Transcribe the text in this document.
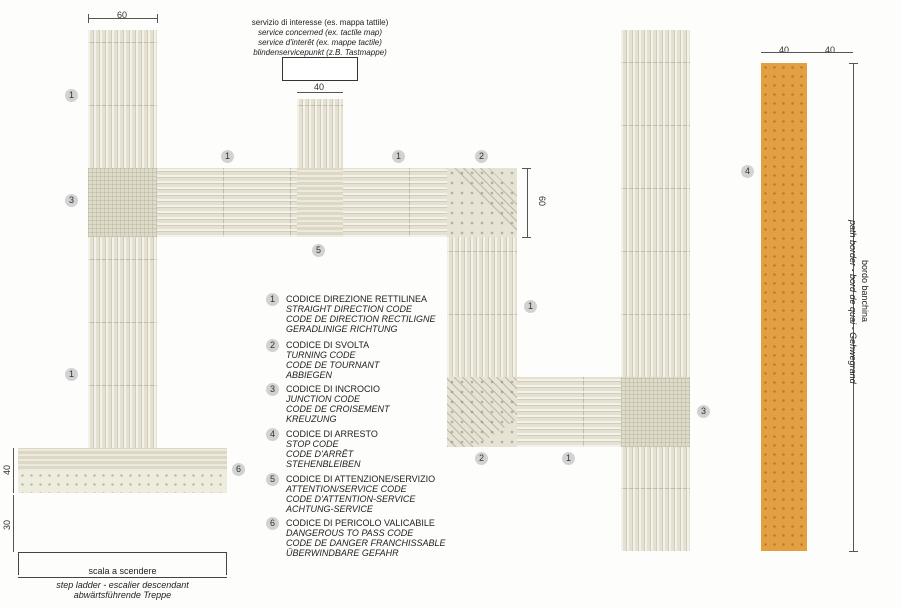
60
60
40
30
scala a scendere
step ladder - escalier descendant
abwärtsführende Treppe
servizio di interesse (es. mappa tattile)
service concerned (ex. tactile map)
service d'interêt (ex. mappe tactile)
blindenservicepunkt (z.B. Tastmappe)
40
40	40
bordo banchina
path border - bord de quai - Gehwegrand
1
3
1
1	1	2
5
1
2	1
3
4
6
1	CODICE DIREZIONE RETTILINEA
STRAIGHT DIRECTION CODE
CODE DE DIRECTION RECTILIGNE
GERADLINIGE RICHTUNG
2	CODICE DI SVOLTA
TURNING CODE
CODE DE TOURNANT
ABBIEGEN
3	CODICE DI INCROCIO
JUNCTION CODE
CODE DE CROISEMENT
KREUZUNG
4	CODICE DI ARRESTO
STOP CODE
CODE D'ARRÊT
STEHENBLEIBEN
5	CODICE DI ATTENZIONE/SERVIZIO
ATTENTION/SERVICE CODE
CODE D'ATTENTION-SERVICE
ACHTUNG-SERVICE
6	CODICE DI PERICOLO VALICABILE
DANGEROUS TO PASS CODE
CODE DE DANGER FRANCHISSABLE
ÜBERWINDBARE GEFAHR
